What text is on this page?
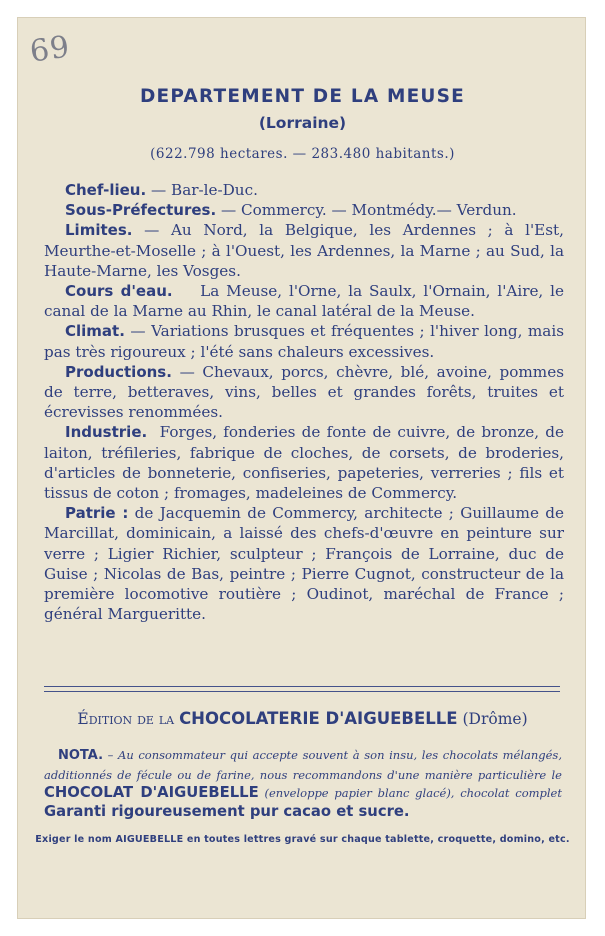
69
DEPARTEMENT DE LA MEUSE
(Lorraine)
(622.798 hectares. — 283.480 habitants.)

Chef-lieu. — Bar-le-Duc.

Sous-Préfectures. — Commercy. — Montmédy.— Verdun.

Limites. — Au Nord, la Belgique, les Ardennes ; à l'Est, Meurthe-et-Moselle ; à l'Ouest, les Ardennes, la Marne ; au Sud, la Haute-Marne, les Vosges.

Cours d'eau.    La Meuse, l'Orne, la Saulx, l'Ornain, l'Aire, le canal de la Marne au Rhin, le canal latéral de la Meuse.

Climat. — Variations brusques et fréquentes ; l'hiver long, mais pas très rigoureux ; l'été sans chaleurs excessives.

Productions. — Chevaux, porcs, chèvre, blé, avoine, pommes de terre, betteraves, vins, belles et grandes forêts, truites et écrevisses renommées.

Industrie.  Forges, fonderies de fonte de cuivre, de bronze, de laiton, tréfileries, fabrique de cloches, de corsets, de broderies, d'articles de bonneterie, confiseries, papeteries, verreries ; fils et tissus de coton ; fromages, madeleines de Commercy.

Patrie : de Jacquemin de Commercy, architecte ; Guillaume de Marcillat, dominicain, a laissé des chefs-d'œuvre en peinture sur verre ; Ligier Richier, sculpteur ; François de Lorraine, duc de Guise ; Nicolas de Bas, peintre ; Pierre Cugnot, constructeur de la première locomotive routière ; Oudinot, maréchal de France ; général Margueritte.

Édition de la CHOCOLATERIE D'AIGUEBELLE (Drôme)
NOTA. – Au consommateur qui accepte souvent à son insu, les chocolats mélangés, additionnés de fécule ou de farine, nous recommandons d'une manière particulière le CHOCOLAT D'AIGUEBELLE (enveloppe papier blanc glacé), chocolat complet Garanti rigoureusement pur cacao et sucre.
Exiger le nom AIGUEBELLE en toutes lettres gravé sur chaque tablette, croquette, domino, etc.
